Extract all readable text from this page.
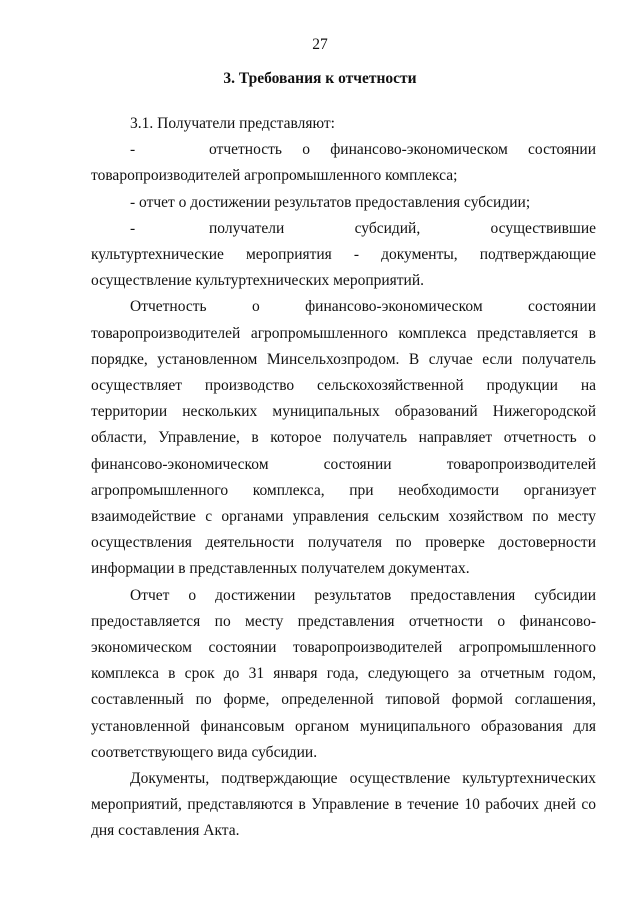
27
3. Требования к отчетности

3.1. Получатели представляют:

-	отчетность о финансово-экономическом состоянии товаропроизводителей агропромышленного комплекса;

- отчет о достижении результатов предоставления субсидии;

-	получатели субсидий, осуществившие культуртехнические мероприятия - документы, подтверждающие осуществление культуртехнических мероприятий.

Отчетность о финансово-экономическом состоянии товаропроизводителей агропромышленного комплекса представляется в порядке, установленном Минсельхозпродом. В случае если получатель осуществляет производство сельскохозяйственной продукции на территории нескольких муниципальных образований Нижегородской области, Управление, в которое получатель направляет отчетность о финансово-экономическом состоянии товаропроизводителей агропромышленного комплекса, при необходимости организует взаимодействие с органами управления сельским хозяйством по месту осуществления деятельности получателя по проверке достоверности информации в представленных получателем документах.

Отчет о достижении результатов предоставления субсидии предоставляется по месту представления отчетности о финансово-экономическом состоянии товаропроизводителей агропромышленного комплекса в срок до 31 января года, следующего за отчетным годом, составленный по форме, определенной типовой формой соглашения, установленной финансовым органом муниципального образования для соответствующего вида субсидии.

Документы, подтверждающие осуществление культуртехнических мероприятий, представляются в Управление в течение 10 рабочих дней со дня составления Акта.
